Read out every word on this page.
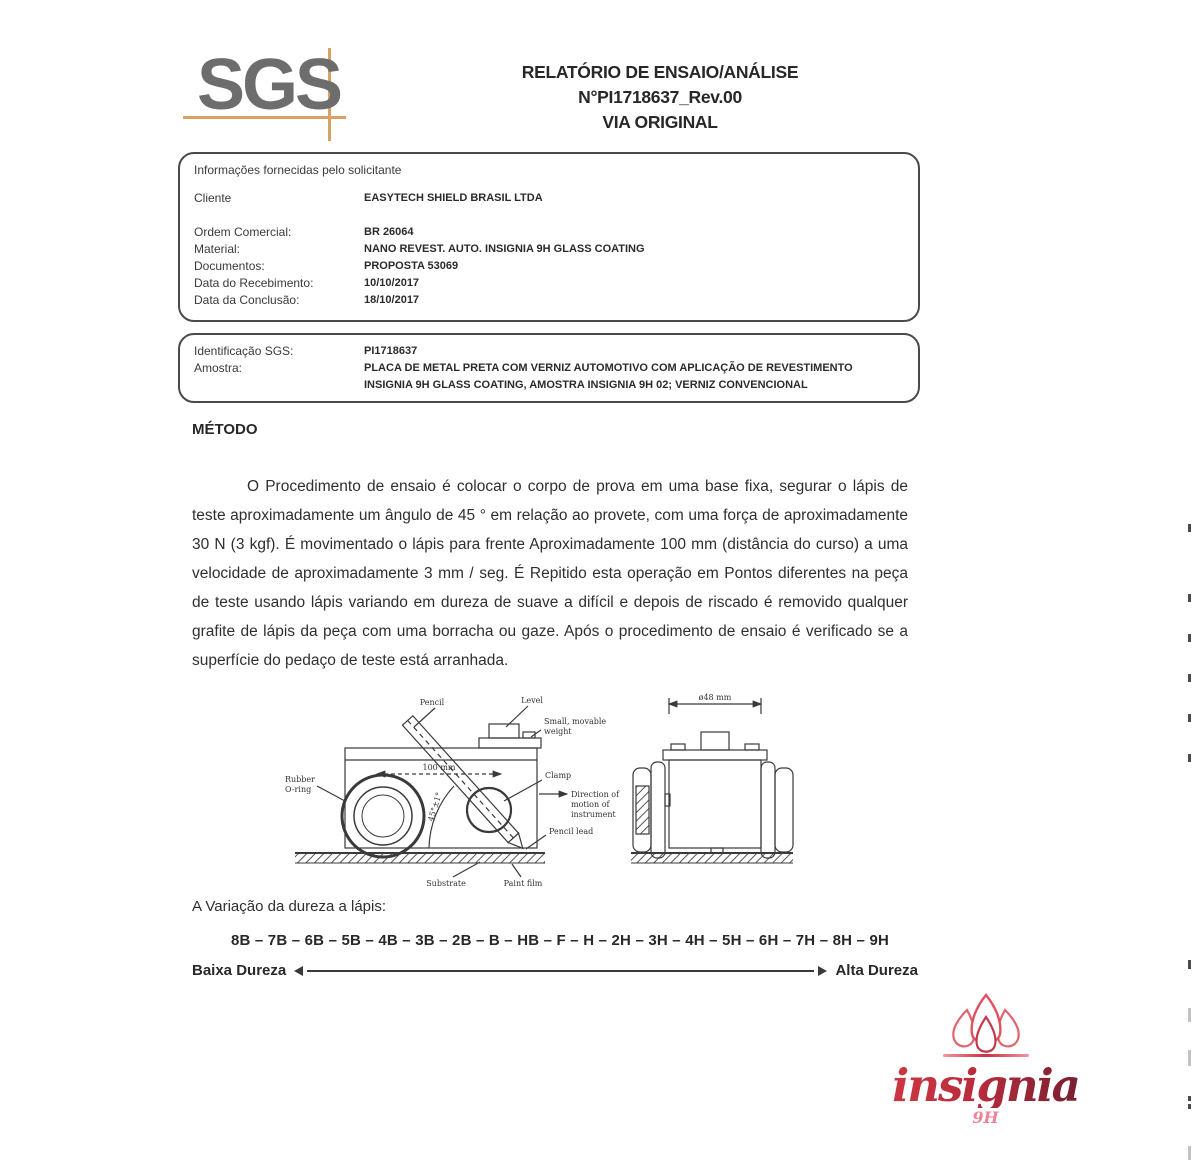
SGS	RELATÓRIO DE ENSAIO/ANÁLISE
N°PI1718637_Rev.00
VIA ORIGINAL
Informações fornecidas pelo solicitante
Cliente	EASYTECH SHIELD BRASIL LTDA
Ordem Comercial:	BR 26064
Material:	NANO REVEST. AUTO. INSIGNIA 9H GLASS COATING
Documentos:	PROPOSTA 53069
Data do Recebimento:	10/10/2017
Data da Conclusão:	18/10/2017
Identificação SGS:	PI1718637
Amostra:	PLACA DE METAL PRETA COM VERNIZ AUTOMOTIVO COM APLICAÇÃO DE REVESTIMENTO INSIGNIA 9H GLASS COATING, AMOSTRA INSIGNIA 9H 02; VERNIZ CONVENCIONAL
MÉTODO
O Procedimento de ensaio é colocar o corpo de prova em uma base fixa, segurar o lápis de teste aproximadamente um ângulo de 45 ° em relação ao provete, com uma força de aproximadamente 30 N (3 kgf). É movimentado o lápis para frente Aproximadamente 100 mm (distância do curso) a uma velocidade de aproximadamente 3 mm / seg. É Repitido esta operação em Pontos diferentes na peça de teste usando lápis variando em dureza de suave a difícil e depois de riscado é removido qualquer grafite de lápis da peça com uma borracha ou gaze. Após o procedimento de ensaio é verificado se a superfície do pedaço de teste está arranhada.
Pencil	Level
Small, movable
weight
100 mm
Clamp
Rubber
O-ring
Direction of
motion of
instrument
Pencil lead
45°±1°
Substrate	Paint film
ø48 mm
A Variação da dureza a lápis:
8B – 7B – 6B – 5B – 4B – 3B – 2B – B – HB – F – H – 2H – 3H – 4H – 5H – 6H – 7H – 8H – 9H
Baixa Dureza	Alta Dureza
insignia
9H
